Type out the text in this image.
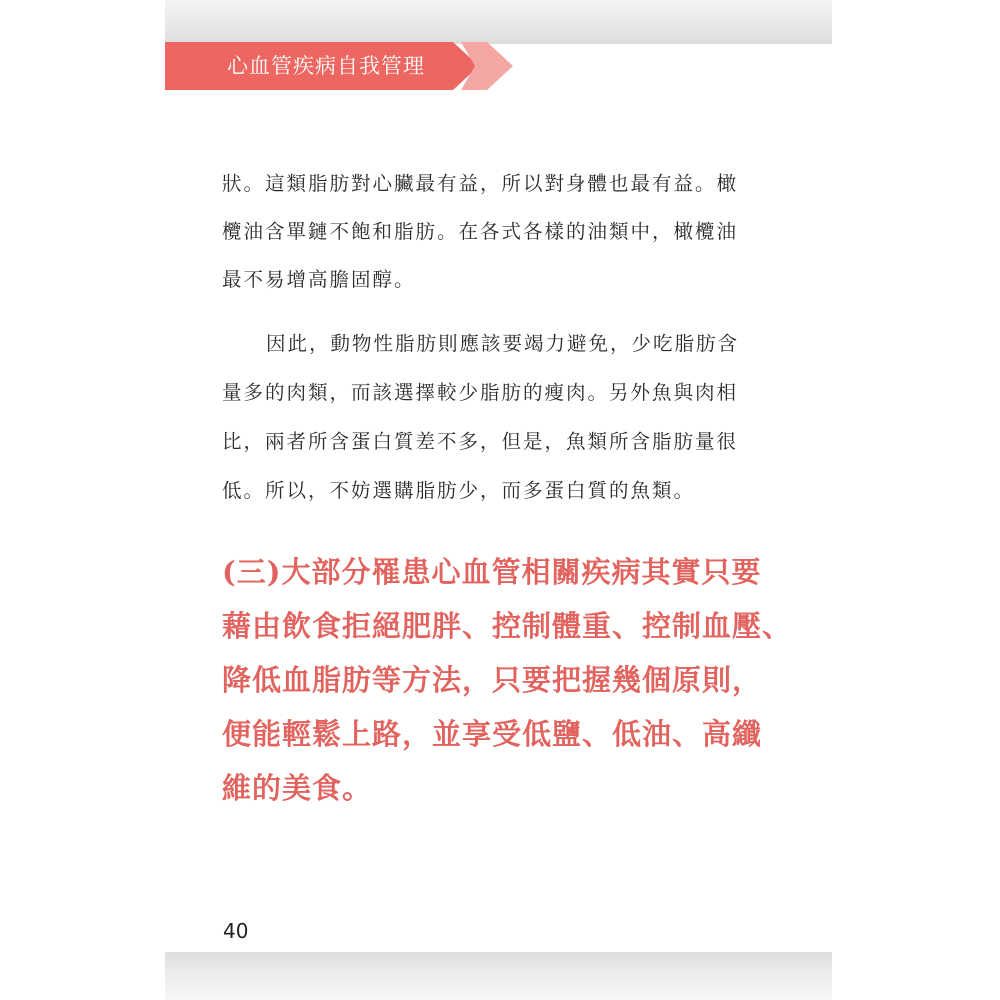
心血管疾病自我管理
狀。這類脂肪對心臟最有益，所以對身體也最有益。橄
欖油含單鏈不飽和脂肪。在各式各樣的油類中，橄欖油
最不易增高膽固醇。
因此，動物性脂肪則應該要竭力避免，少吃脂肪含
量多的肉類，而該選擇較少脂肪的瘦肉。另外魚與肉相
比，兩者所含蛋白質差不多，但是，魚類所含脂肪量很
低。所以，不妨選購脂肪少，而多蛋白質的魚類。
(三)大部分罹患心血管相關疾病其實只要
藉由飲食拒絕肥胖、控制體重、控制血壓、
降低血脂肪等方法，只要把握幾個原則，
便能輕鬆上路，並享受低鹽、低油、高纖
維的美食。
40
